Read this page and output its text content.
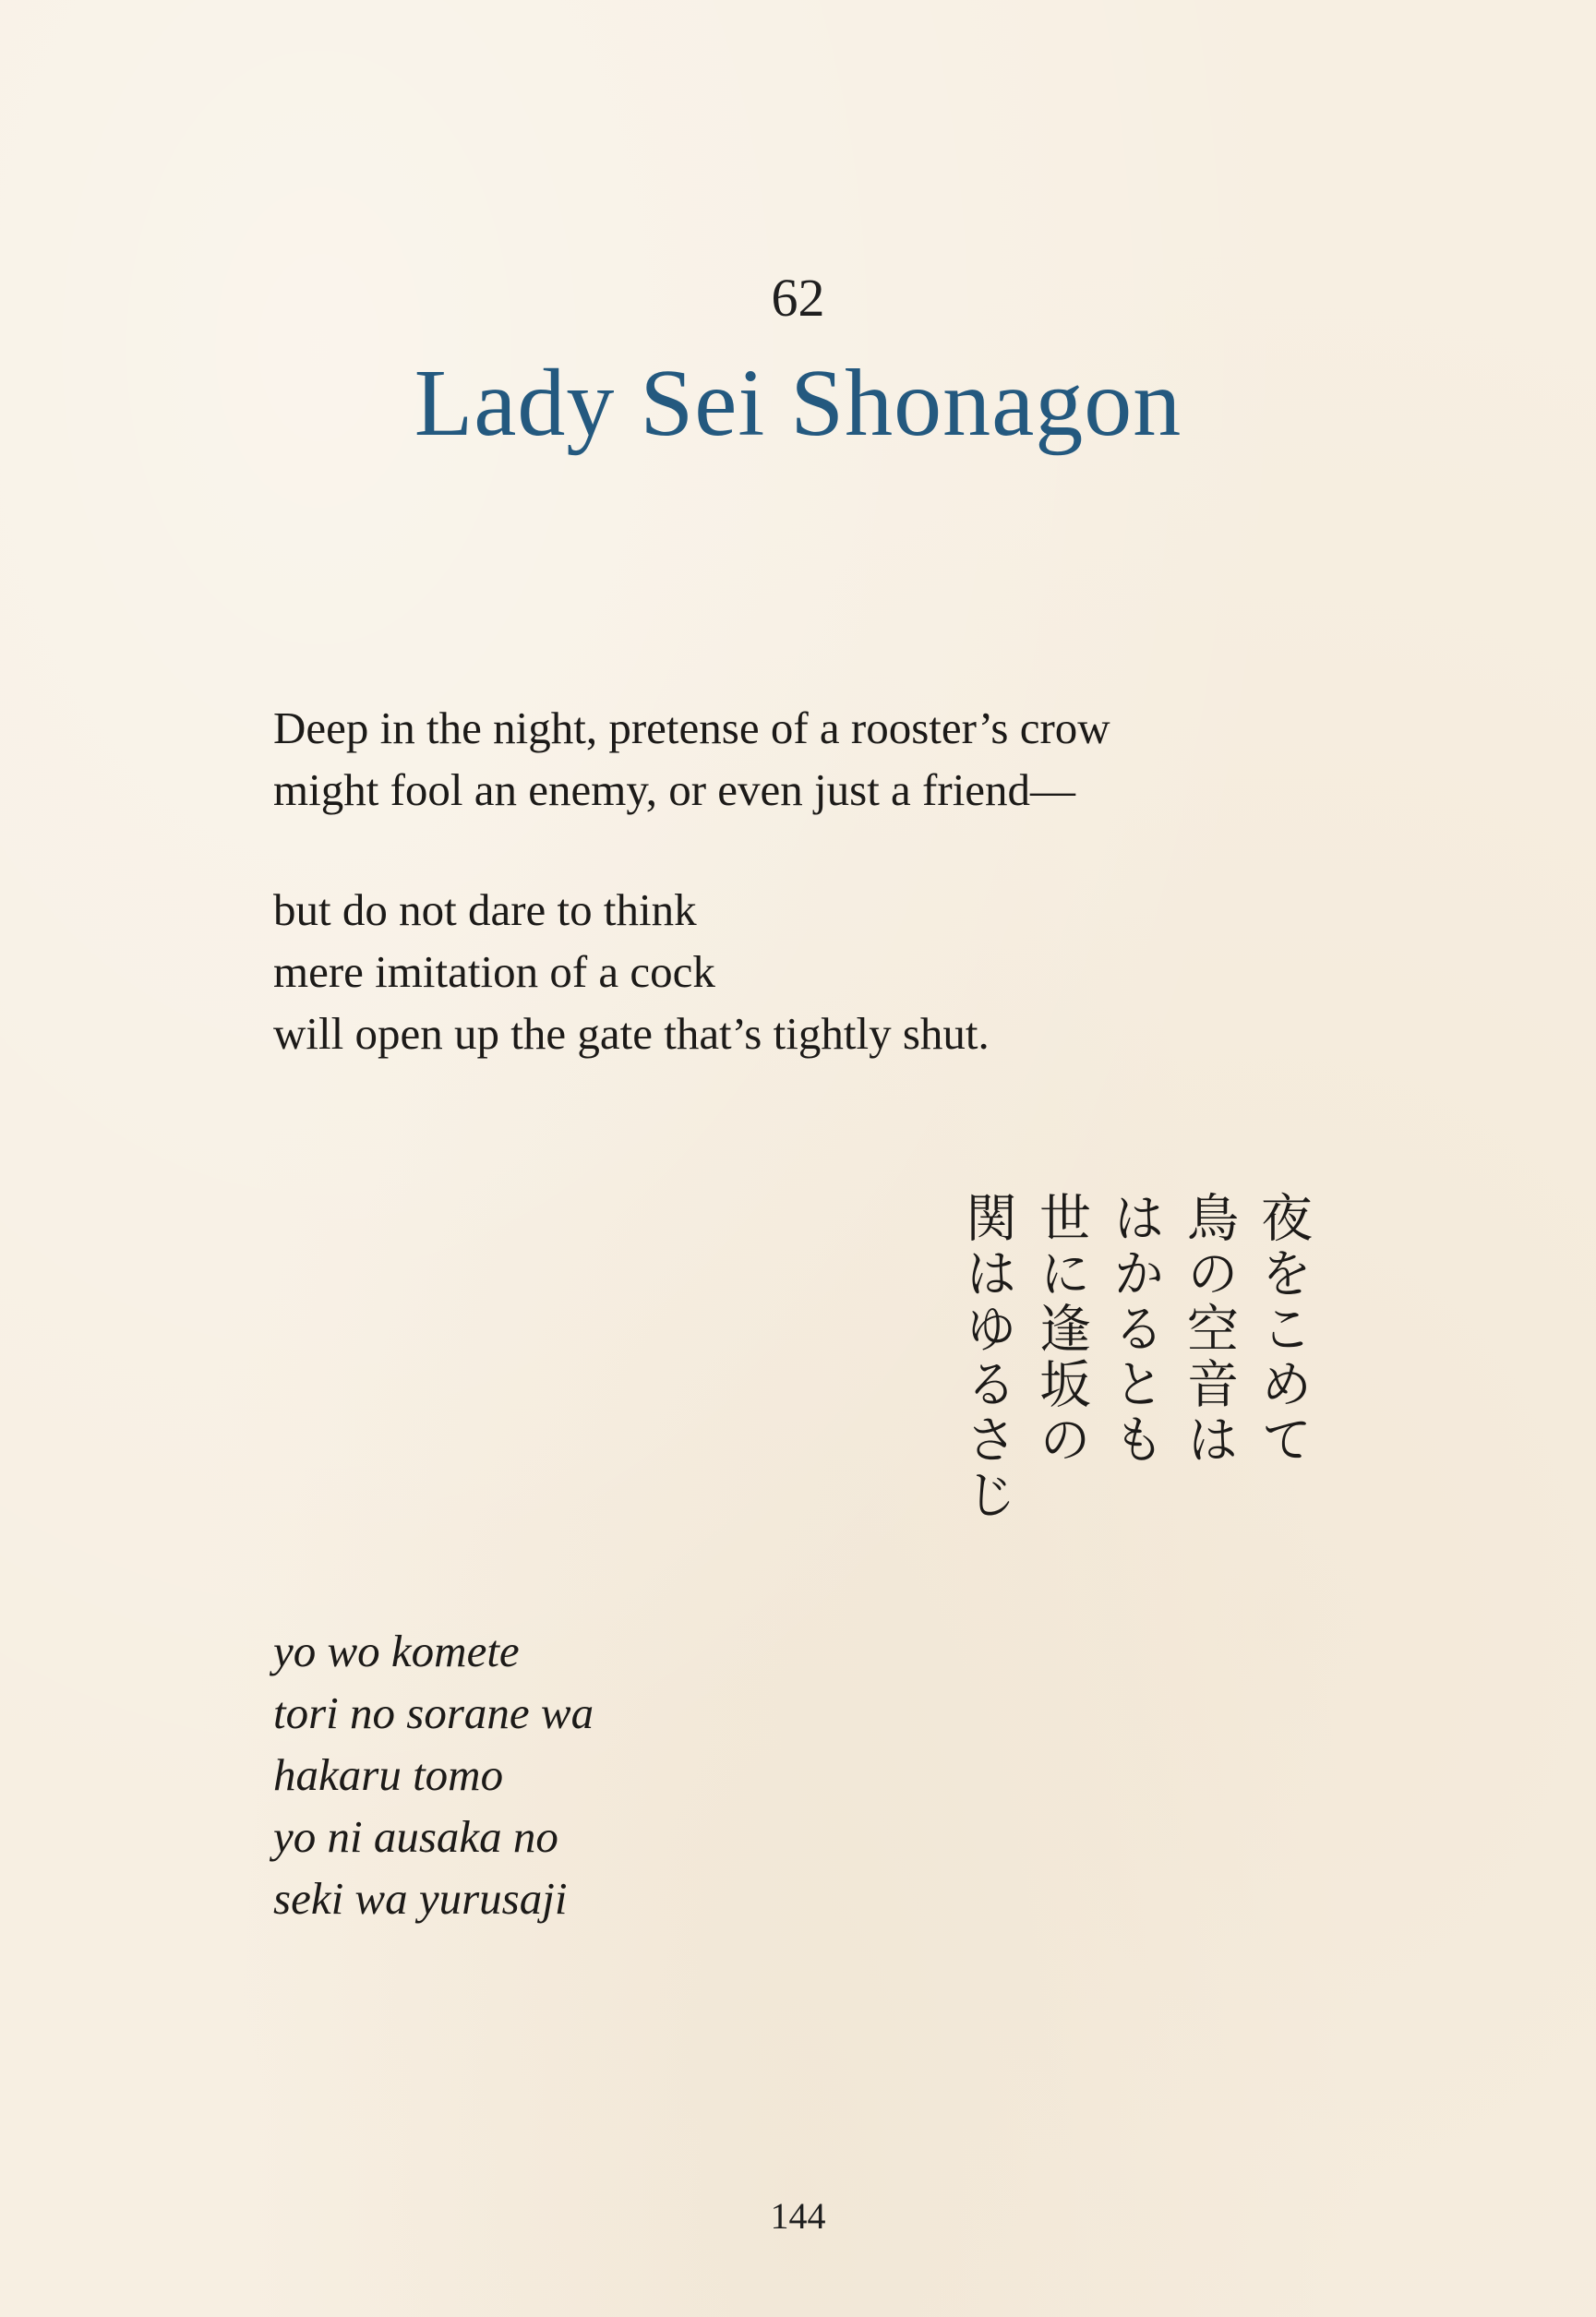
62
Lady Sei Shonagon

Deep in the night, pretense of a rooster’s crow
might fool an enemy, or even just a friend—

but do not dare to think
mere imitation of a cock
will open up the gate that’s tightly shut.

夜をこめて
鳥の空音は
はかるとも
世に逢坂の
関はゆるさじ
yo wo komete
tori no sorane wa
hakaru tomo
yo ni ausaka no
seki wa yurusaji
144
